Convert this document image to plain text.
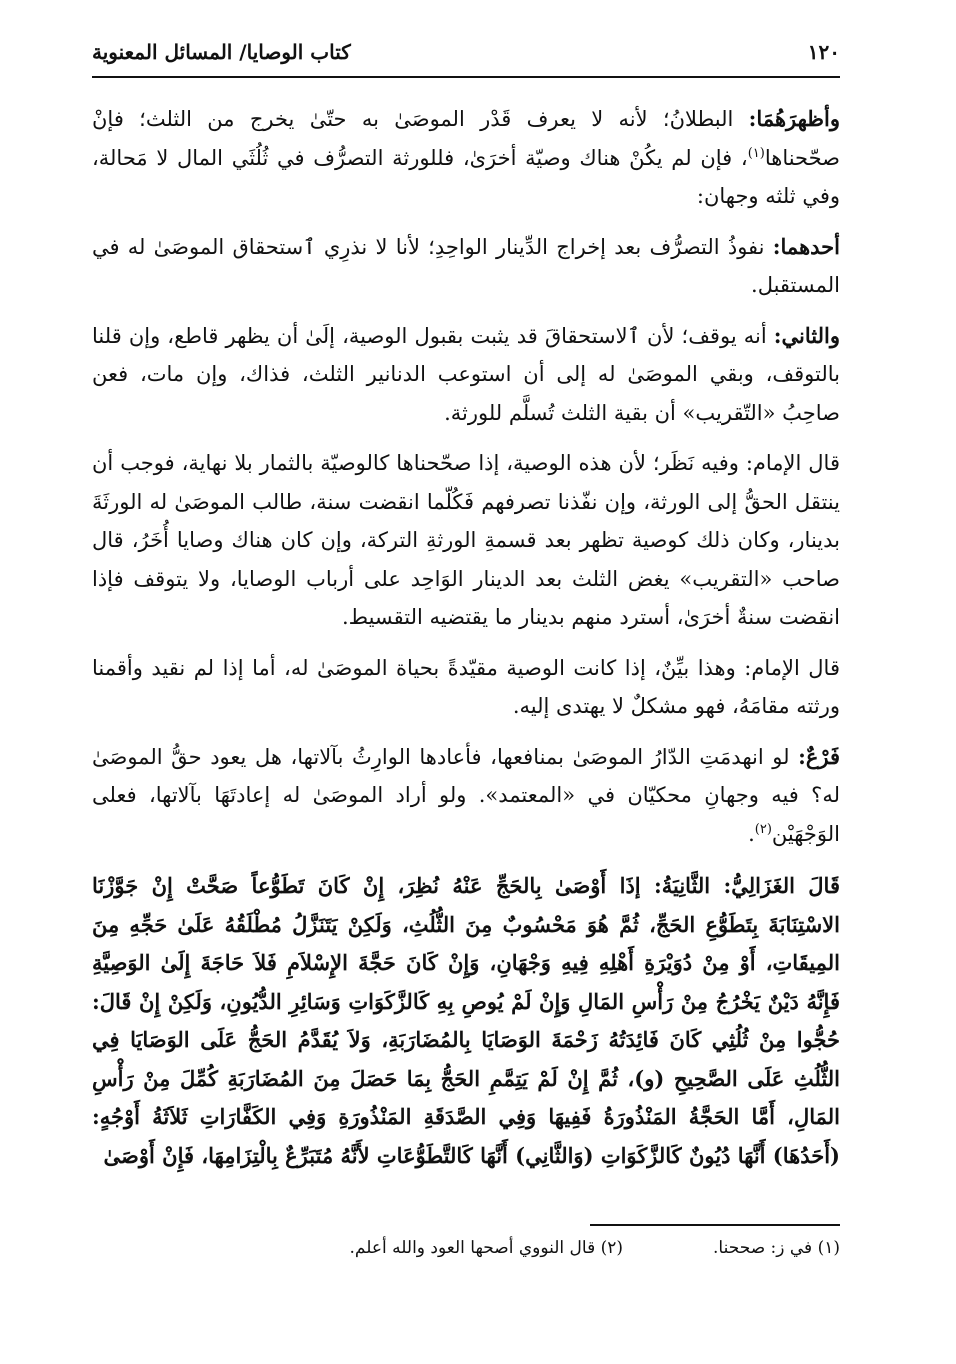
١٢٠
كتاب الوصايا/ المسائل المعنوية

وأظهرَهُمَا: البطلانُ؛ لأنه لا يعرف قَدْر الموصَىٰ به حتّىٰ يخرج من الثلث؛ فإنْ صحّحناها$^{(١)}$، فإن لم يكُنْ هناك وصيّة أخرَىٰ، فللورثة التصرُّف في ثُلُثَي المال لا مَحالة، وفي ثلثه وجهان:

أحدهما: نفوذُ التصرُّف بعد إخراج الدِّينار الواحِدِ؛ لأنا لا نذرِي ٱستحقاق الموصَىٰ له في المستقبل.

والثاني: أنه يوقف؛ لأن ٱلاستحقاقَ قد يثبت بقبول الوصية، إلَىٰ أن يظهر قاطع، وإن قلنا بالتوقف، وبقي الموصَىٰ له إلى أن استوعب الدنانير الثلث، فذاك، وإن مات، فعن صاحِبُ «التّقريب» أن بقية الثلث تُسلَّم للورثة.

قال الإمام: وفيه نَظَر؛ لأن هذه الوصية، إذا صحّحناها كالوصيّة بالثمار بلا نهاية، فوجب أن ينتقل الحقُّ إلى الورثة، وإن نفّذنا تصرفهم فَكُلّما انقضت سنة، طالب الموصَىٰ له الورثَةَ بدينار، وكان ذلك كوصية تظهر بعد قسمةِ الورثةِ التركة، وإن كان هناك وصايا أُخَرُ، قال صاحب «التقريب» يغض الثلث بعد الدينار الوَاحِد على أرباب الوصايا، ولا يتوقف فإذا انقضت سنةٌ أخرَىٰ، أسترد منهم بدينار ما يقتضيه التقسيط.

قال الإمام: وهذا بيِّنٌ، إذا كانت الوصية مقيّدةً بحياة الموصَىٰ له، أما إذا لم نقيد وأقمنا ورثته مقامَهُ، فهو مشكلٌ لا يهتدى إليه.

فَرْعٌ: لو انهدمَتِ الدّارُ الموصَىٰ بمنافعها، فأعادها الوارِثُ بآلاتها، هل يعود حقُّ الموصَىٰ له؟ فيه وجهانِ محكيّان في «المعتمد». ولو أراد الموصَىٰ له إعادتَهَا بآلاتها، فعلى الوَجْهَيْن$^{(٢)}$.

قَالَ الغَزَالِيُّ: الثَّانِيَةُ: إذَا أَوْصَىٰ بِالحَجِّ عَنْهُ نُظِرَ، إِنْ كَانَ تَطَوُّعاً صَحَّتْ إِنْ جَوَّزْنَا الاسْتِنَابَةَ بِتَطَوُّعِ الحَجِّ، ثُمَّ هُوَ مَحْسُوبٌ مِنَ الثُّلُثِ، وَلَكِنْ يَتَنَزَّلُ مُطْلَقُهُ عَلَىٰ حَجِّهِ مِنَ المِيقَاتِ، أَوْ مِنْ دُوَيْرَةِ أَهْلِهِ فِيهِ وَجْهَانِ، وَإِنْ كَانَ حَجَّةَ الإِسْلاَمِ فَلاَ حَاجَةَ إِلَىٰ الوَصِيَّةِ فَإِنَّهُ دَيْنٌ يَخْرُجُ مِنْ رَأْسِ المَالِ وَإِنْ لَمْ يُوصِ بِهِ كَالزَّكَوَاتِ وَسَائِرِ الدُّيُونِ، وَلَكِنْ إِنْ قَالَ: حُجُّوا مِنْ ثُلُثِي كَانَ فَائِدَتُهُ زَحْمَةَ الوَصَايَا بِالمُضَارَبَةِ، وَلاَ يُقَدَّمُ الحَجُّ عَلَى الوَصَايَا فِي الثُّلُثِ عَلَى الصَّحِيحِ (و)، ثُمَّ إِنْ لَمْ يَتِمَّمِ الحَجُّ بِمَا حَصَلَ مِنَ المُضَارَبَةِ كُمِّلَ مِنْ رَأْسِ المَالِ، أَمَّا الحَجَّةُ المَنْذُورَةُ فَفِيهَا وَفِي الصَّدَقَةِ المَنْذُورَةِ وَفِي الكَفَّارَاتِ ثَلاَثَةُ أَوْجُهٍ: (أَحَدُهَا) أَنَّهَا دُيُونٌ كَالزَّكَوَاتِ (وَالثَّانِي) أَنَّهَا كَالتَّطَوُّعَاتِ لأَنَّهُ مُتَبَرِّعٌ بِالْتِزَامِهَا، فَإِنْ أَوْصَىٰ

(١) في ز: صححنا.
(٢) قال النووي أصحها العود والله أعلم.
